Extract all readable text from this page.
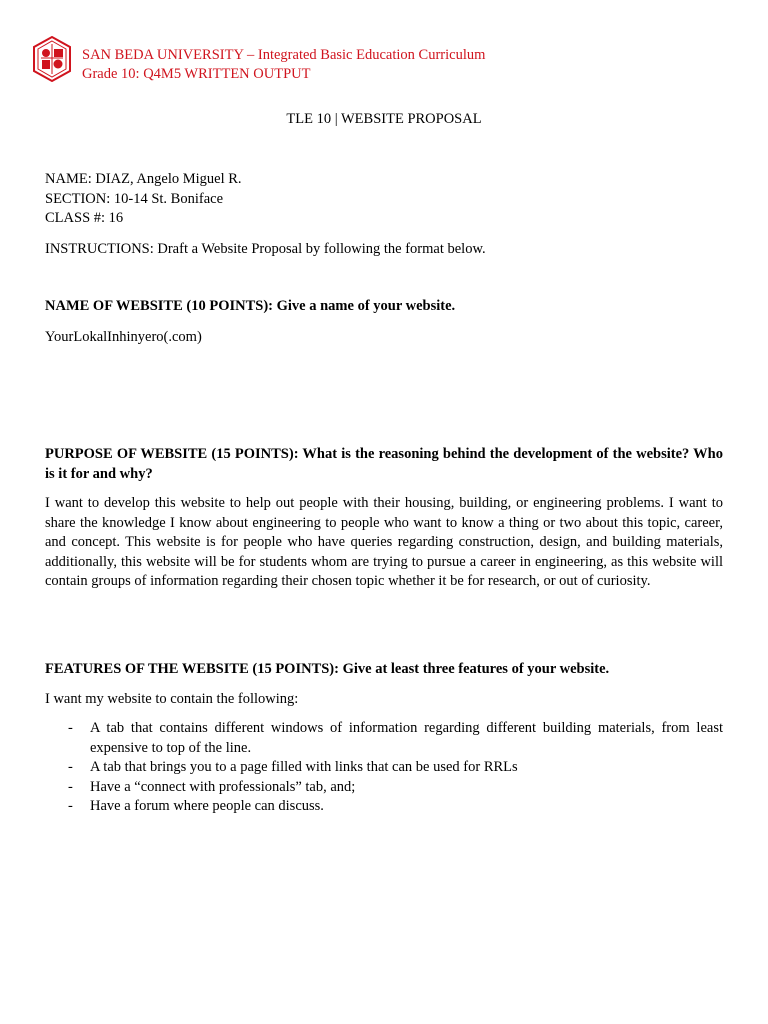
SAN BEDA UNIVERSITY – Integrated Basic Education Curriculum
Grade 10: Q4M5 WRITTEN OUTPUT
TLE 10 | WEBSITE PROPOSAL
NAME: DIAZ, Angelo Miguel R.
SECTION: 10-14 St. Boniface
CLASS #: 16
INSTRUCTIONS: Draft a Website Proposal by following the format below.
NAME OF WEBSITE (10 POINTS): Give a name of your website.
YourLokalInhinyero(.com)
PURPOSE OF WEBSITE (15 POINTS): What is the reasoning behind the development of the website? Who is it for and why?
I want to develop this website to help out people with their housing, building, or engineering problems. I want to share the knowledge I know about engineering to people who want to know a thing or two about this topic, career, and concept. This website is for people who have queries regarding construction, design, and building materials, additionally, this website will be for students whom are trying to pursue a career in engineering, as this website will contain groups of information regarding their chosen topic whether it be for research, or out of curiosity.
FEATURES OF THE WEBSITE (15 POINTS): Give at least three features of your website.
I want my website to contain the following:
- A tab that contains different windows of information regarding different building materials, from least expensive to top of the line.
- A tab that brings you to a page filled with links that can be used for RRLs
- Have a “connect with professionals” tab, and;
- Have a forum where people can discuss.
